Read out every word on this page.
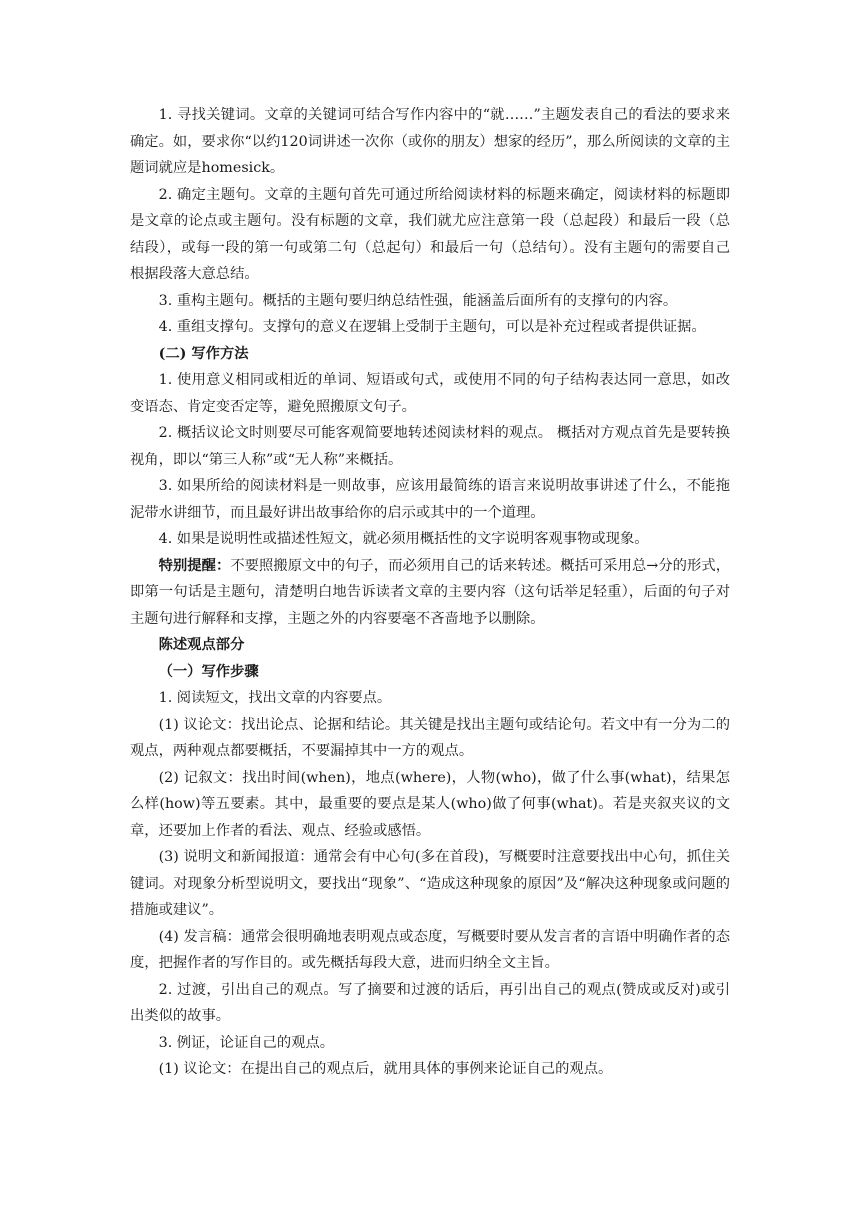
1. 寻找关键词。文章的关键词可结合写作内容中的“就……”主题发表自己的看法的要求来确定。如，要求你“以约120词讲述一次你（或你的朋友）想家的经历”，那么所阅读的文章的主题词就应是homesick。

2. 确定主题句。文章的主题句首先可通过所给阅读材料的标题来确定，阅读材料的标题即是文章的论点或主题句。没有标题的文章，我们就尤应注意第一段（总起段）和最后一段（总结段），或每一段的第一句或第二句（总起句）和最后一句（总结句）。没有主题句的需要自己根据段落大意总结。

3. 重构主题句。概括的主题句要归纳总结性强，能涵盖后面所有的支撑句的内容。

4. 重组支撑句。支撑句的意义在逻辑上受制于主题句，可以是补充过程或者提供证据。

(二) 写作方法

1. 使用意义相同或相近的单词、短语或句式，或使用不同的句子结构表达同一意思，如改变语态、肯定变否定等，避免照搬原文句子。

2. 概括议论文时则要尽可能客观简要地转述阅读材料的观点。 概括对方观点首先是要转换视角，即以“第三人称”或“无人称”来概括。

3. 如果所给的阅读材料是一则故事，应该用最简练的语言来说明故事讲述了什么，不能拖泥带水讲细节，而且最好讲出故事给你的启示或其中的一个道理。

4. 如果是说明性或描述性短文，就必须用概括性的文字说明客观事物或现象。

特别提醒：不要照搬原文中的句子，而必须用自己的话来转述。概括可采用总→分的形式，即第一句话是主题句，清楚明白地告诉读者文章的主要内容（这句话举足轻重），后面的句子对主题句进行解释和支撑，主题之外的内容要毫不吝啬地予以删除。

陈述观点部分

（一）写作步骤

1. 阅读短文，找出文章的内容要点。

(1) 议论文：找出论点、论据和结论。其关键是找出主题句或结论句。若文中有一分为二的观点，两种观点都要概括，不要漏掉其中一方的观点。

(2) 记叙文：找出时间(when)，地点(where)，人物(who)，做了什么事(what)，结果怎么样(how)等五要素。其中，最重要的要点是某人(who)做了何事(what)。若是夹叙夹议的文章，还要加上作者的看法、观点、经验或感悟。

(3) 说明文和新闻报道：通常会有中心句(多在首段)，写概要时注意要找出中心句，抓住关键词。对现象分析型说明文，要找出“现象”、“造成这种现象的原因”及“解决这种现象或问题的措施或建议”。

(4) 发言稿：通常会很明确地表明观点或态度，写概要时要从发言者的言语中明确作者的态度，把握作者的写作目的。或先概括每段大意，进而归纳全文主旨。

2. 过渡，引出自己的观点。写了摘要和过渡的话后，再引出自己的观点(赞成或反对)或引出类似的故事。

3. 例证，论证自己的观点。

(1) 议论文：在提出自己的观点后，就用具体的事例来论证自己的观点。
